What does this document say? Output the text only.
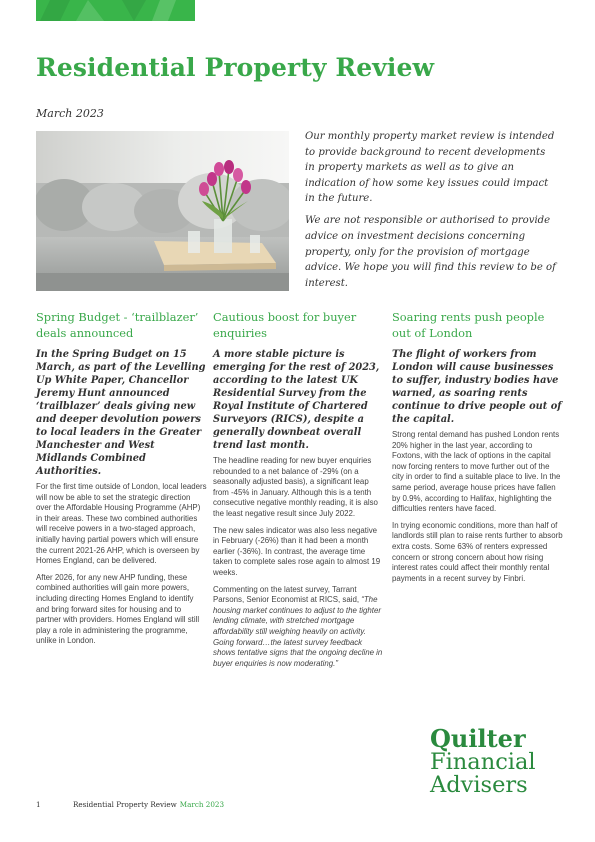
Residential Property Review
March 2023

Our monthly property market review is intended to provide background to recent developments in property markets as well as to give an indication of how some key issues could impact in the future.

We are not responsible or authorised to provide advice on investment decisions concerning property, only for the provision of mortgage advice. We hope you will find this review to be of interest.

Spring Budget - ‘trailblazer’ deals announced

In the Spring Budget on 15 March, as part of the Levelling Up White Paper, Chancellor Jeremy Hunt announced ‘trailblazer’ deals giving new and deeper devolution powers to local leaders in the Greater Manchester and West Midlands Combined Authorities.

For the first time outside of London, local leaders will now be able to set the strategic direction over the Affordable Housing Programme (AHP) in their areas. These two combined authorities will receive powers in a two-staged approach, initially having partial powers which will ensure the current 2021-26 AHP, which is overseen by Homes England, can be delivered.

After 2026, for any new AHP funding, these combined authorities will gain more powers, including directing Homes England to identify and bring forward sites for housing and to partner with providers. Homes England will still play a role in administering the programme, unlike in London.

Cautious boost for buyer enquiries

A more stable picture is emerging for the rest of 2023, according to the latest UK Residential Survey from the Royal Institute of Chartered Surveyors (RICS), despite a generally downbeat overall trend last month.

The headline reading for new buyer enquiries rebounded to a net balance of -29% (on a seasonally adjusted basis), a significant leap from -45% in January. Although this is a tenth consecutive negative monthly reading, it is also the least negative result since July 2022.

The new sales indicator was also less negative in February (-26%) than it had been a month earlier (-36%). In contrast, the average time taken to complete sales rose again to almost 19 weeks.

Commenting on the latest survey, Tarrant Parsons, Senior Economist at RICS, said, “The housing market continues to adjust to the tighter lending climate, with stretched mortgage affordability still weighing heavily on activity. Going forward…the latest survey feedback shows tentative signs that the ongoing decline in buyer enquiries is now moderating.”

Soaring rents push people out of London

The flight of workers from London will cause businesses to suffer, industry bodies have warned, as soaring rents continue to drive people out of the capital.

Strong rental demand has pushed London rents 20% higher in the last year, according to Foxtons, with the lack of options in the capital now forcing renters to move further out of the city in order to find a suitable place to live. In the same period, average house prices have fallen by 0.9%, according to Halifax, highlighting the difficulties renters have faced.

In trying economic conditions, more than half of landlords still plan to raise rents further to absorb extra costs. Some 63% of renters expressed concern or strong concern about how rising interest rates could affect their monthly rental payments in a recent survey by Finbri.

Quilter
Financial
Advisers
1	Residential Property Review March 2023
